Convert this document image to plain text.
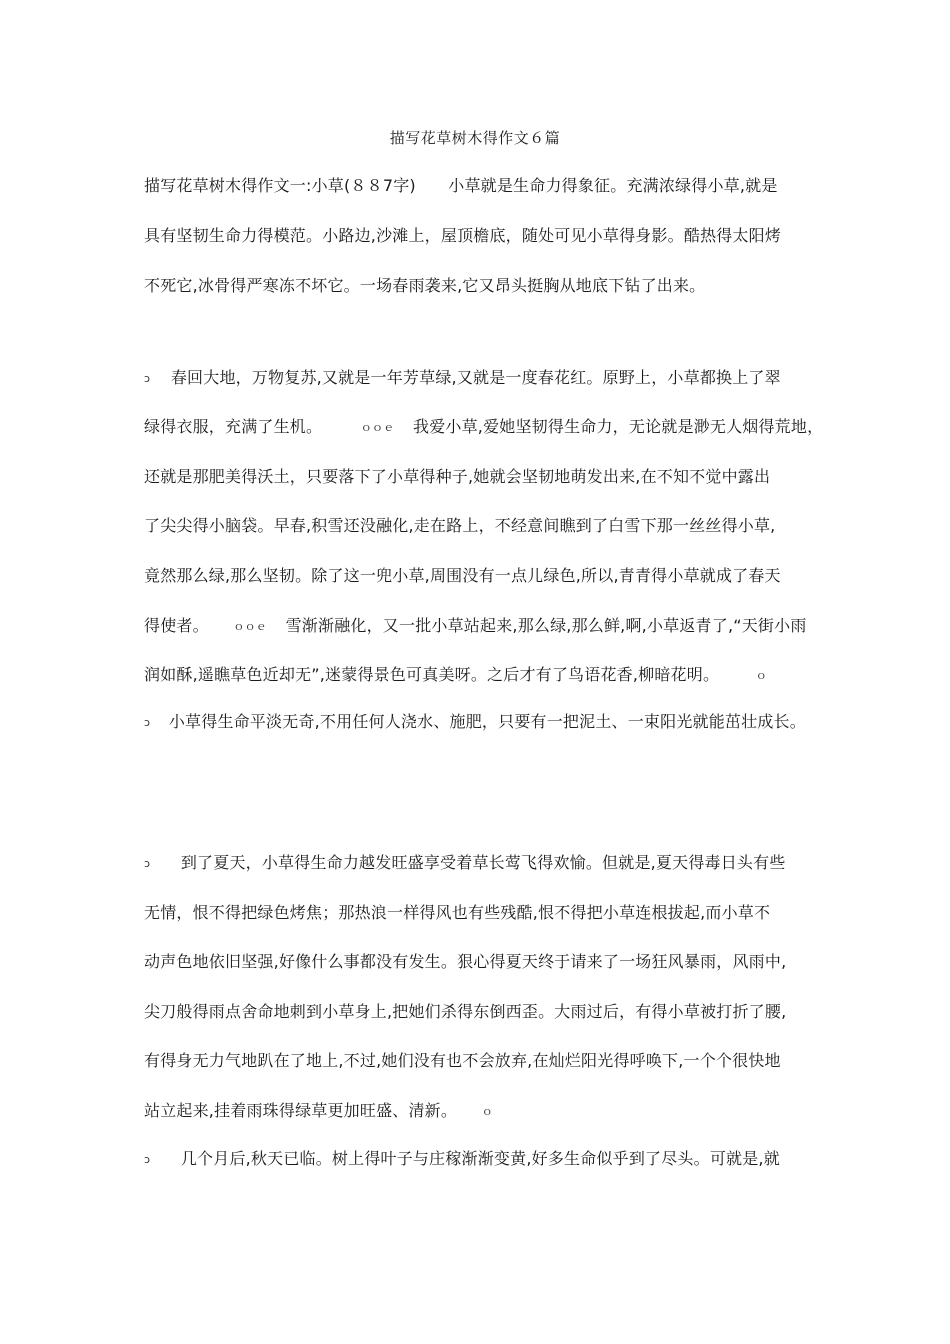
描写花草树木得作文６篇
描写花草树木得作文一:小草(８８7字)　　小草就是生命力得象征。充满浓绿得小草,就是
具有坚韧生命力得模范。小路边,沙滩上，屋顶檐底，随处可见小草得身影。酷热得太阳烤
不死它,冰骨得严寒冻不坏它。一场春雨袭来,它又昂头挺胸从地底下钻了出来。
ↄ 春回大地，万物复苏,又就是一年芳草绿,又就是一度春花红。原野上，小草都换上了翠
绿得衣服，充满了生机。	ｏｏｅ 我爱小草,爱她坚韧得生命力，无论就是渺无人烟得荒地，
还就是那肥美得沃土，只要落下了小草得种子,她就会坚韧地萌发出来,在不知不觉中露出
了尖尖得小脑袋。早春,积雪还没融化,走在路上，不经意间瞧到了白雪下那一丝丝得小草,
竟然那么绿,那么坚韧。除了这一兜小草,周围没有一点儿绿色,所以,青青得小草就成了春天
得使者。 ｏｏｅ 雪渐渐融化，又一批小草站起来,那么绿,那么鲜,啊,小草返青了,“天街小雨
润如酥,遥瞧草色近却无”,迷蒙得景色可真美呀。之后才有了鸟语花香,柳暗花明。	ｏ
ↄ 小草得生命平淡无奇,不用任何人浇水、施肥，只要有一把泥土、一束阳光就能茁壮成长。
ↄ 到了夏天，小草得生命力越发旺盛享受着草长莺飞得欢愉。但就是,夏天得毒日头有些
无情，恨不得把绿色烤焦；那热浪一样得风也有些残酷,恨不得把小草连根拔起,而小草不
动声色地依旧坚强,好像什么事都没有发生。狠心得夏天终于请来了一场狂风暴雨，风雨中,
尖刀般得雨点舍命地刺到小草身上,把她们杀得东倒西歪。大雨过后，有得小草被打折了腰,
有得身无力气地趴在了地上,不过,她们没有也不会放弃,在灿烂阳光得呼唤下,一个个很快地
站立起来,挂着雨珠得绿草更加旺盛、清新。 ｏ
ↄ 几个月后,秋天已临。树上得叶子与庄稼渐渐变黄,好多生命似乎到了尽头。可就是,就
